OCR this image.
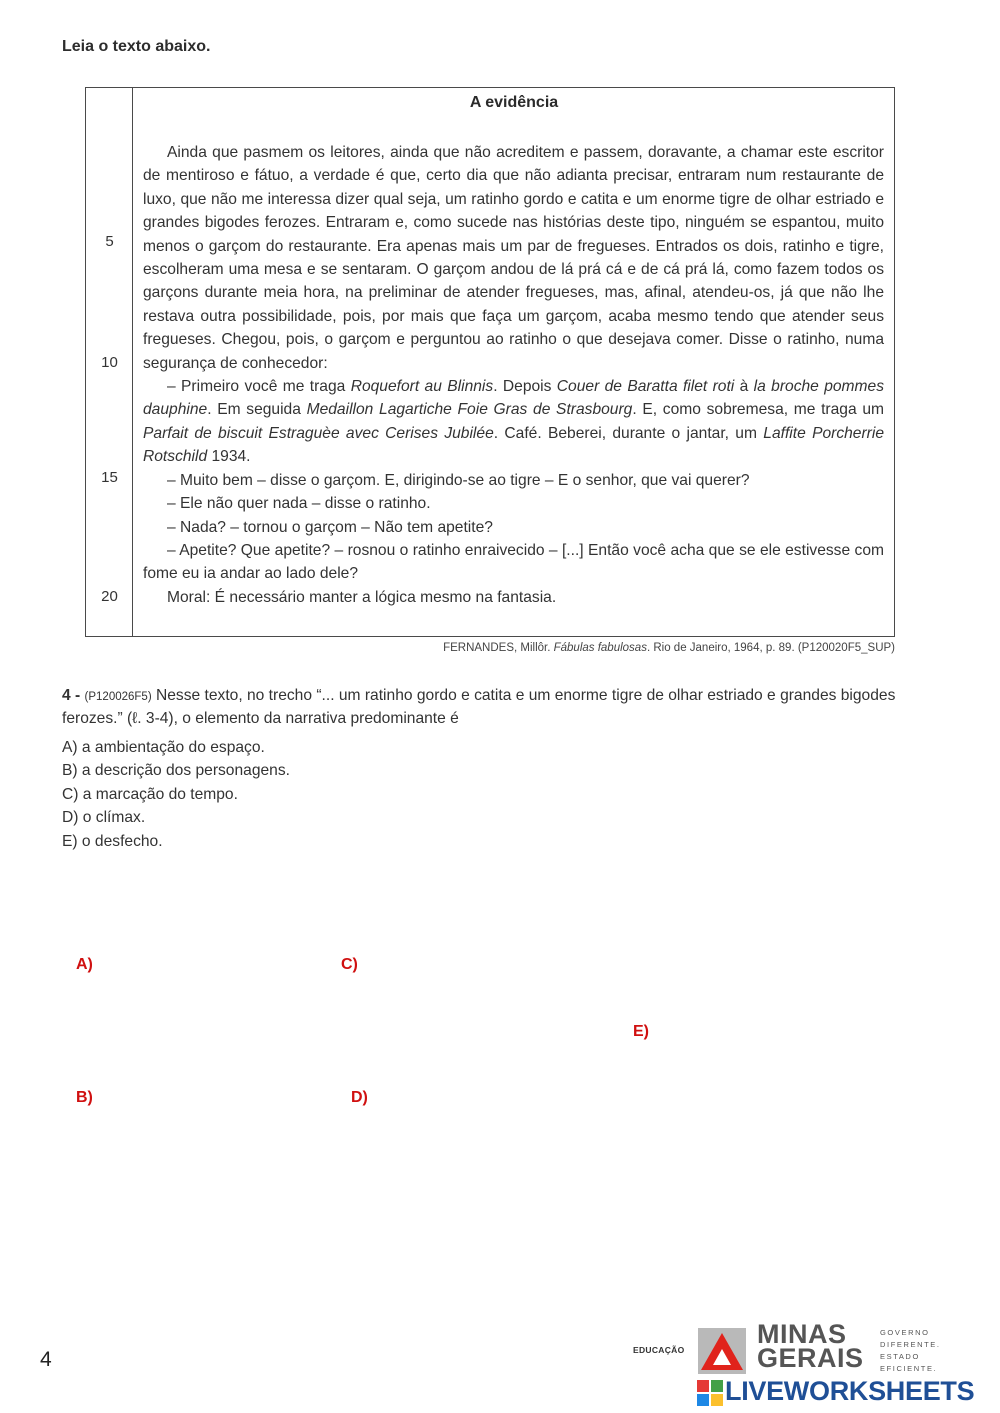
Leia o texto abaixo.
5
10
15
20
A evidência

Ainda que pasmem os leitores, ainda que não acreditem e passem, doravante, a chamar este escritor de mentiroso e fátuo, a verdade é que, certo dia que não adianta precisar, entraram num restaurante de luxo, que não me interessa dizer qual seja, um ratinho gordo e catita e um enorme tigre de olhar estriado e grandes bigodes ferozes. Entraram e, como sucede nas histórias deste tipo, ninguém se espantou, muito menos o garçom do restaurante. Era apenas mais um par de fregueses. Entrados os dois, ratinho e tigre, escolheram uma mesa e se sentaram. O garçom andou de lá prá cá e de cá prá lá, como fazem todos os garçons durante meia hora, na preliminar de atender fregueses, mas, afinal, atendeu-os, já que não lhe restava outra possibilidade, pois, por mais que faça um garçom, acaba mesmo tendo que atender seus fregueses. Chegou, pois, o garçom e perguntou ao ratinho o que desejava comer. Disse o ratinho, numa segurança de conhecedor:

– Primeiro você me traga Roquefort au Blinnis. Depois Couer de Baratta filet roti à la broche pommes dauphine. Em seguida Medaillon Lagartiche Foie Gras de Strasbourg. E, como sobremesa, me traga um Parfait de biscuit Estraguèe avec Cerises Jubilée. Café. Beberei, durante o jantar, um Laffite Porcherrie Rotschild 1934.

– Muito bem – disse o garçom. E, dirigindo-se ao tigre – E o senhor, que vai querer?

– Ele não quer nada – disse o ratinho.

– Nada? – tornou o garçom – Não tem apetite?

– Apetite? Que apetite? – rosnou o ratinho enraivecido – [...] Então você acha que se ele estivesse com fome eu ia andar ao lado dele?

Moral: É necessário manter a lógica mesmo na fantasia.

FERNANDES, Millôr. Fábulas fabulosas. Rio de Janeiro, 1964, p. 89. (P120020F5_SUP)
4 - (P120026F5) Nesse texto, no trecho “... um ratinho gordo e catita e um enorme tigre de olhar estriado e grandes bigodes ferozes.” (ℓ. 3-4), o elemento da narrativa predominante é
A) a ambientação do espaço.
B) a descrição dos personagens.
C) a marcação do tempo.
D) o clímax.
E) o desfecho.
A)	C)
E)
B)	D)
4	EDUCAÇÃO
MINAS
GERAIS
GOVERNO
DIFERENTE.
ESTADO
EFICIENTE.
LIVEWORKSHEETS
